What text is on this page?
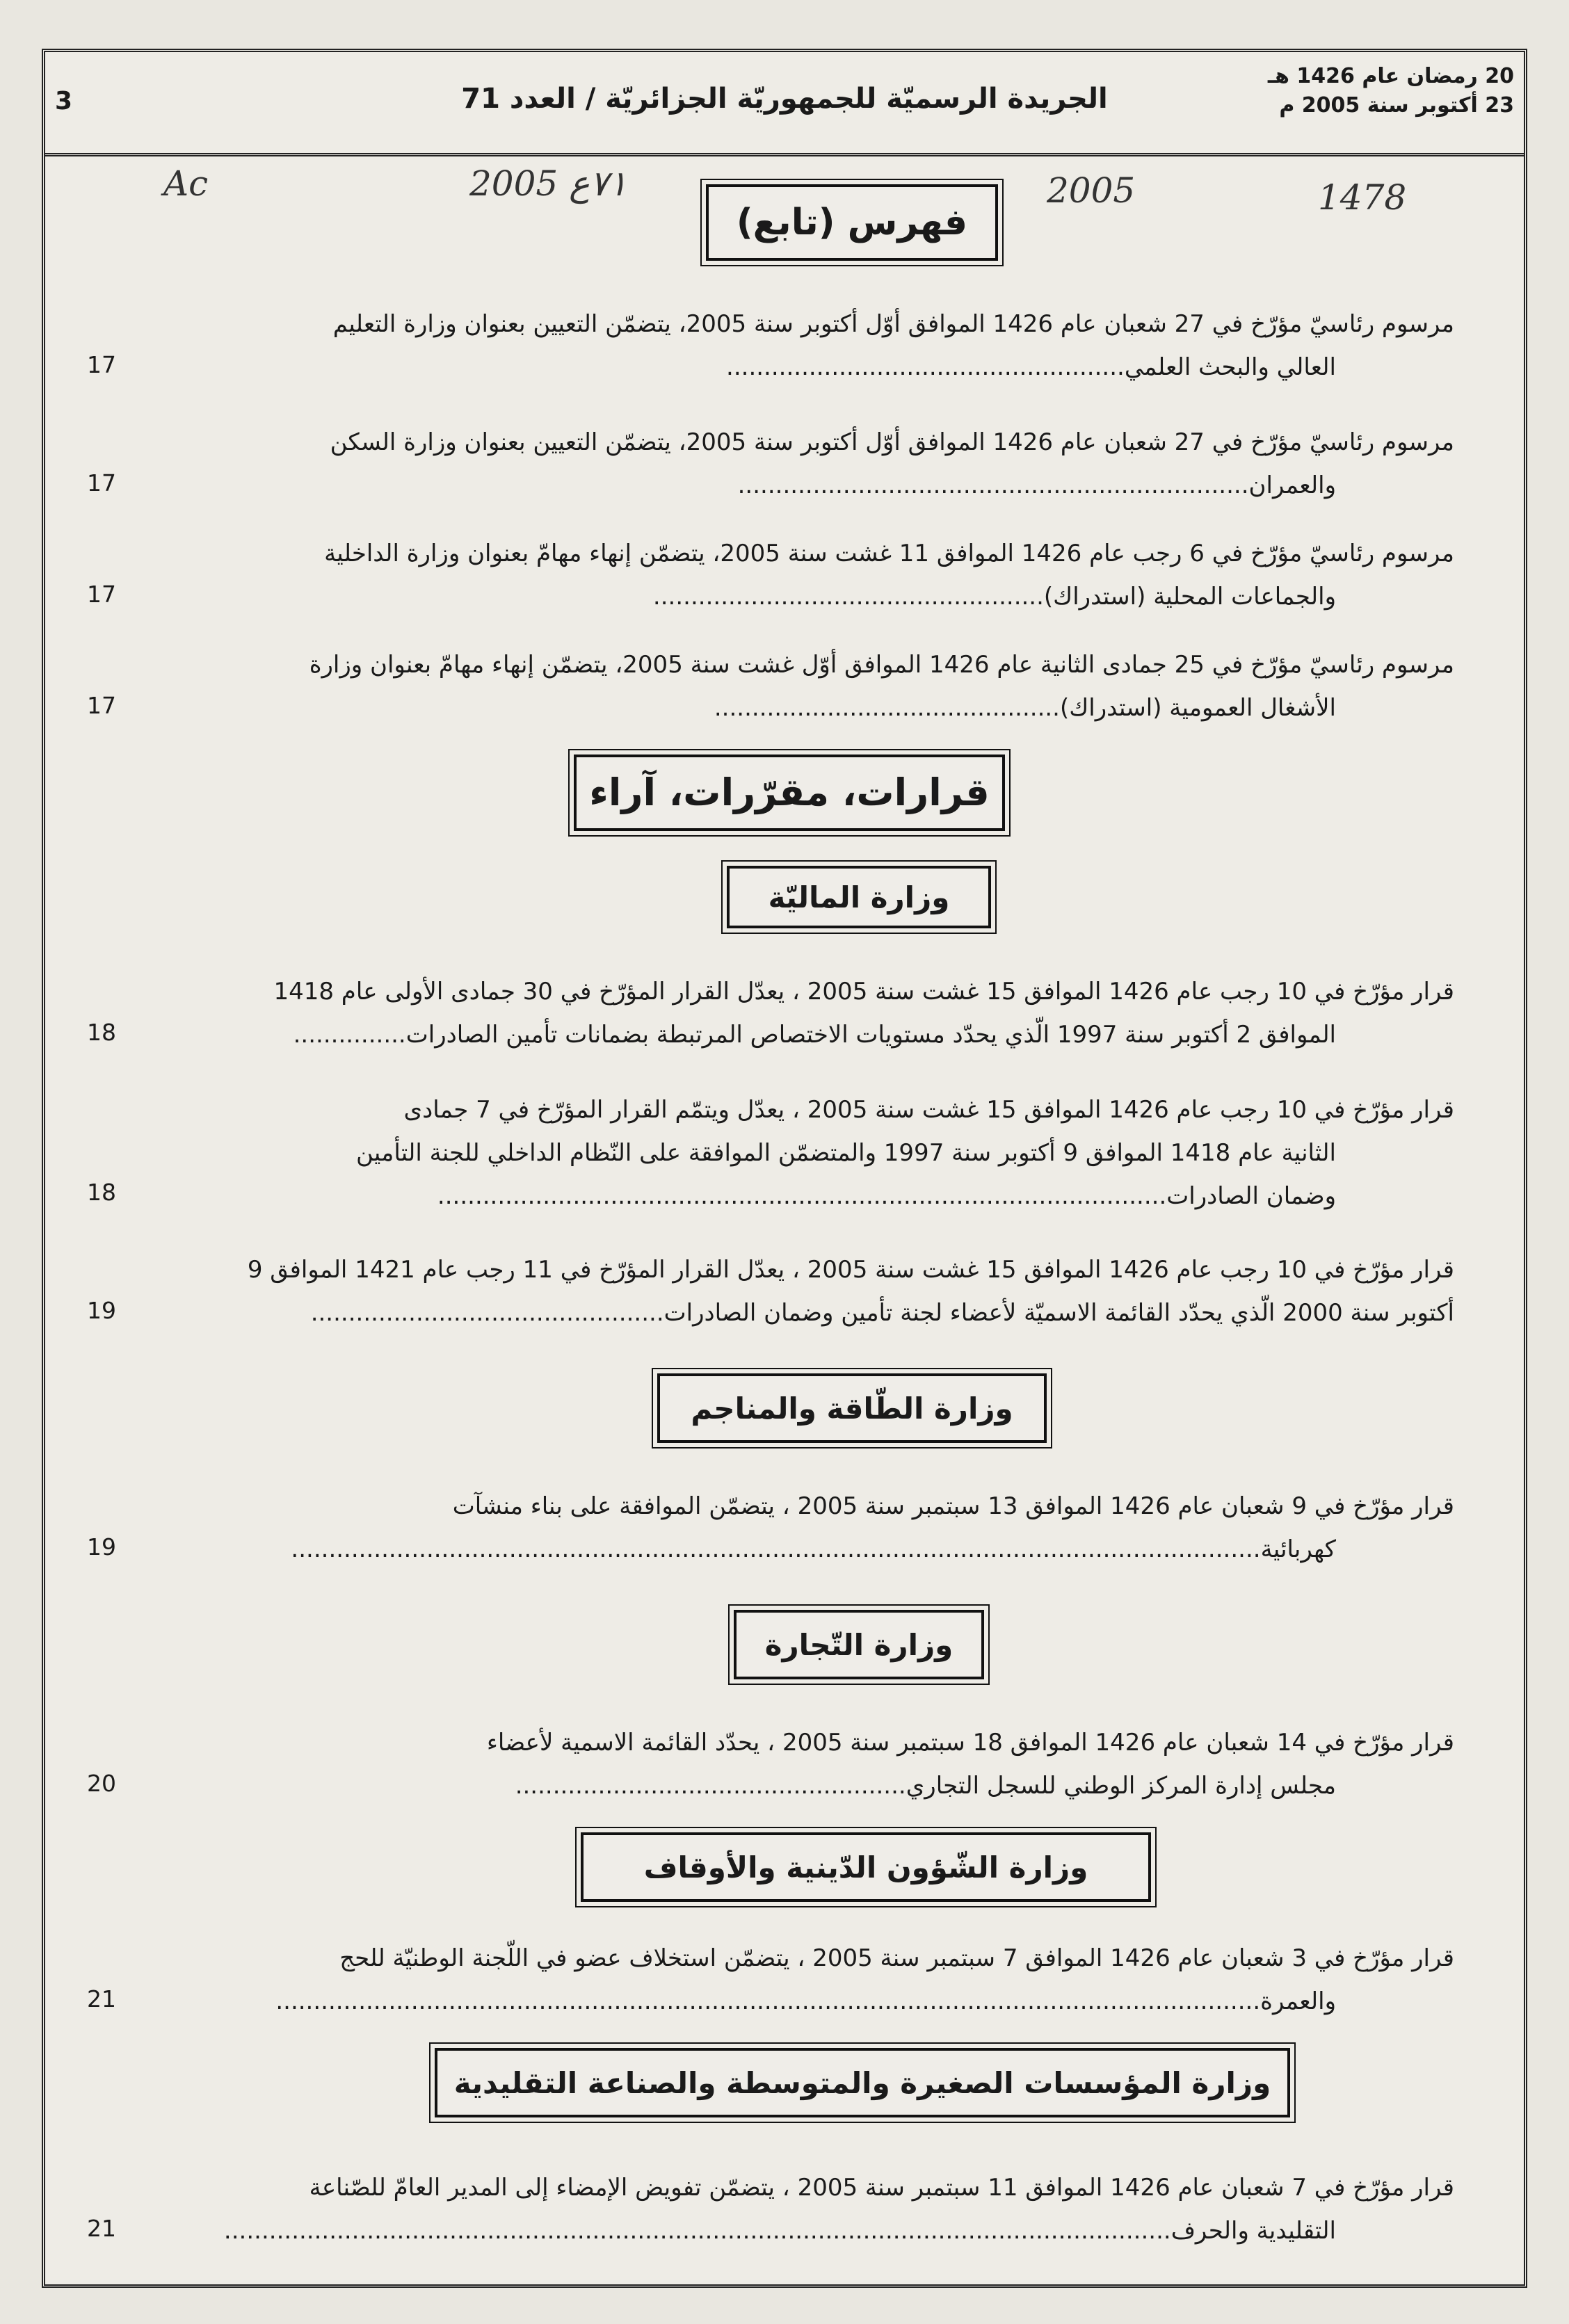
20 رمضان عام 1426 هـ
23 أكتوبر سنة 2005 م
الجريدة الرسميّة للجمهوريّة الجزائريّة / العدد 71
3
Ac	2005 ٧١ع	2005	1478
فهرس (تابع)
مرسوم رئاسيّ مؤرّخ في 27 شعبان عام 1426 الموافق أوّل أكتوبر سنة 2005، يتضمّن التعيين بعنوان وزارة التعليم
العالي والبحث العلمي.....................................................
17
مرسوم رئاسيّ مؤرّخ في 27 شعبان عام 1426 الموافق أوّل أكتوبر سنة 2005، يتضمّن التعيين بعنوان وزارة السكن
والعمران....................................................................
17
مرسوم رئاسيّ مؤرّخ في 6 رجب عام 1426 الموافق 11 غشت سنة 2005، يتضمّن إنهاء مهامّ بعنوان وزارة الداخلية
والجماعات المحلية (استدراك)....................................................
17
مرسوم رئاسيّ مؤرّخ في 25 جمادى الثانية عام 1426 الموافق أوّل غشت سنة 2005، يتضمّن إنهاء مهامّ بعنوان وزارة
الأشغال العمومية (استدراك)..............................................
17
قرارات، مقرّرات، آراء
وزارة الماليّة
قرار مؤرّخ في 10 رجب عام 1426 الموافق 15 غشت سنة 2005 ، يعدّل القرار المؤرّخ في 30 جمادى الأولى عام 1418
الموافق 2 أكتوبر سنة 1997 الّذي يحدّد مستويات الاختصاص المرتبطة بضمانات تأمين الصادرات...............
18
قرار مؤرّخ في 10 رجب عام 1426 الموافق 15 غشت سنة 2005 ، يعدّل ويتمّم القرار المؤرّخ في 7 جمادى
الثانية عام 1418 الموافق 9 أكتوبر سنة 1997 والمتضمّن الموافقة على النّظام الداخلي للجنة التأمين
وضمان الصادرات.................................................................................................
18
قرار مؤرّخ في 10 رجب عام 1426 الموافق 15 غشت سنة 2005 ، يعدّل القرار المؤرّخ في 11 رجب عام 1421 الموافق 9
أكتوبر سنة 2000 الّذي يحدّد القائمة الاسميّة لأعضاء لجنة تأمين وضمان الصادرات...............................................
19
وزارة الطّاقة والمناجم
قرار مؤرّخ في 9 شعبان عام 1426 الموافق 13 سبتمبر سنة 2005 ، يتضمّن الموافقة على بناء منشآت
كهربائية.................................................................................................................................
19
وزارة التّجارة
قرار مؤرّخ في 14 شعبان عام 1426 الموافق 18 سبتمبر سنة 2005 ، يحدّد القائمة الاسمية لأعضاء
مجلس إدارة المركز الوطني للسجل التجاري....................................................
20
وزارة الشّؤون الدّينية والأوقاف
قرار مؤرّخ في 3 شعبان عام 1426 الموافق 7 سبتمبر سنة 2005 ، يتضمّن استخلاف عضو في اللّجنة الوطنيّة للحج
والعمرة...................................................................................................................................
21
وزارة المؤسسات الصغيرة والمتوسطة والصناعة التقليدية
قرار مؤرّخ في 7 شعبان عام 1426 الموافق 11 سبتمبر سنة 2005 ، يتضمّن تفويض الإمضاء إلى المدير العامّ للصّناعة
التقليدية والحرف..............................................................................................................................
21
